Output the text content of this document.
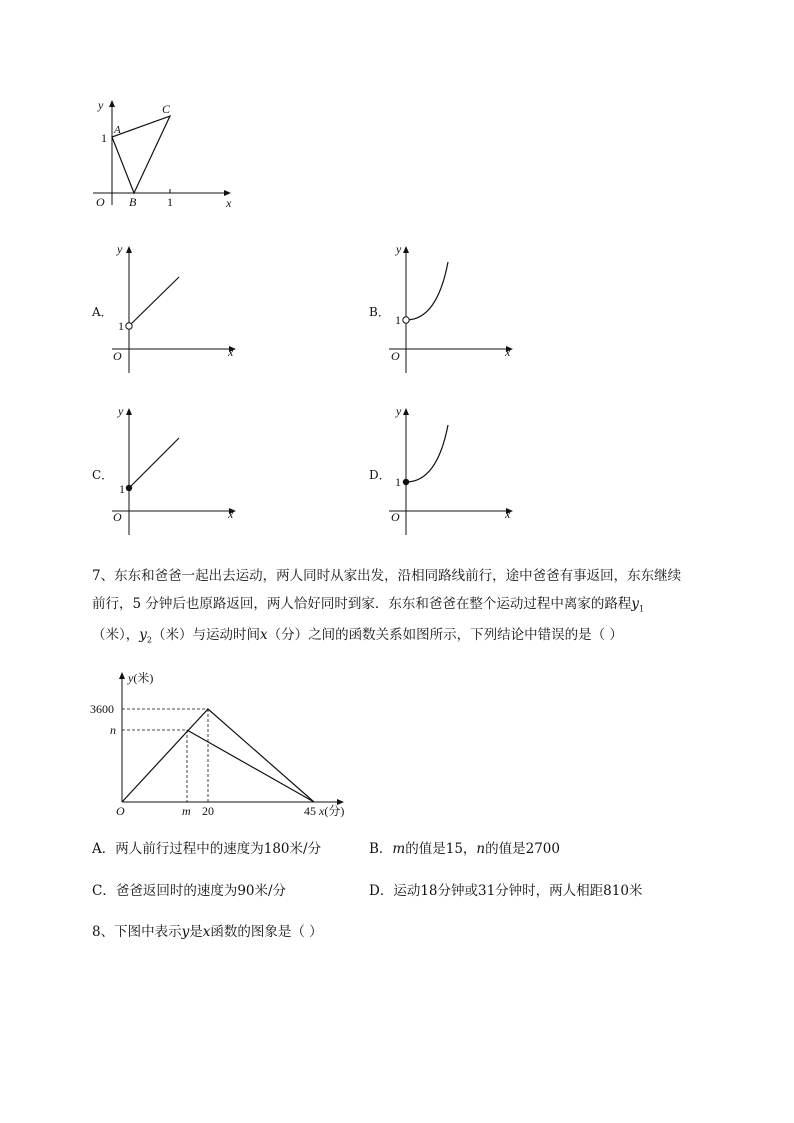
y
x
O
A
B
C
1
1
A．
y
x
O
1
B．
y
x
O
1
C．
y
x
O
1
D．
y
x
O
1
7、东东和爸爸一起出去运动，两人同时从家出发，沿相同路线前行，途中爸爸有事返回，东东继续
前行，5 分钟后也原路返回，两人恰好同时到家．东东和爸爸在整个运动过程中离家的路程$y_1$
（米），$y_2$（米）与运动时间x（分）之间的函数关系如图所示，下列结论中错误的是（ ）
y(米)
3600
n
O	m 20	45 x(分)
A．两人前行过程中的速度为180米/分	B．m的值是15，n的值是2700
C．爸爸返回时的速度为90米/分	D．运动18分钟或31分钟时，两人相距810米
8、下图中表示y是x函数的图象是（ ）
